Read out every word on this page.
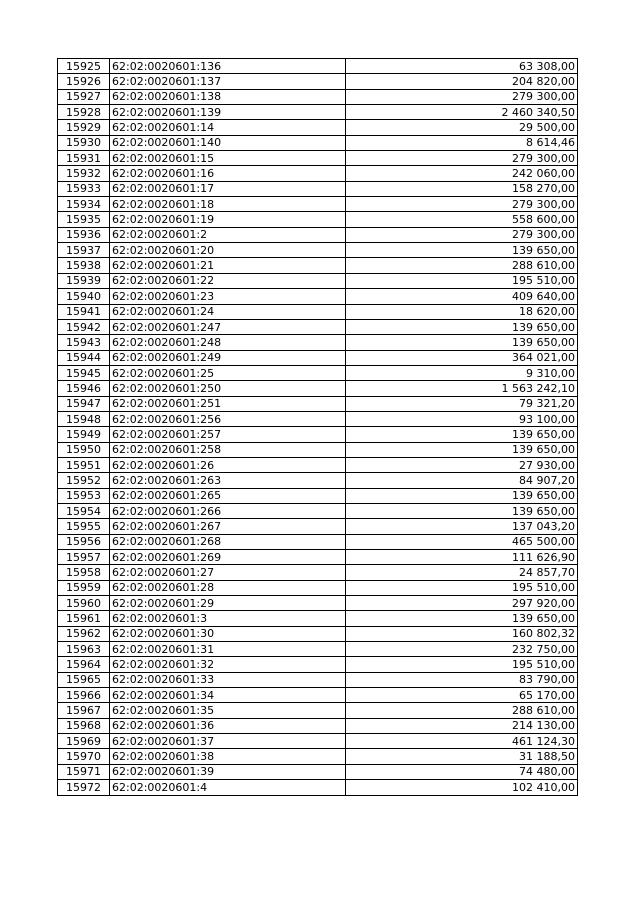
15925	62:02:0020601:136	63 308,00
15926	62:02:0020601:137	204 820,00
15927	62:02:0020601:138	279 300,00
15928	62:02:0020601:139	2 460 340,50
15929	62:02:0020601:14	29 500,00
15930	62:02:0020601:140	8 614,46
15931	62:02:0020601:15	279 300,00
15932	62:02:0020601:16	242 060,00
15933	62:02:0020601:17	158 270,00
15934	62:02:0020601:18	279 300,00
15935	62:02:0020601:19	558 600,00
15936	62:02:0020601:2	279 300,00
15937	62:02:0020601:20	139 650,00
15938	62:02:0020601:21	288 610,00
15939	62:02:0020601:22	195 510,00
15940	62:02:0020601:23	409 640,00
15941	62:02:0020601:24	18 620,00
15942	62:02:0020601:247	139 650,00
15943	62:02:0020601:248	139 650,00
15944	62:02:0020601:249	364 021,00
15945	62:02:0020601:25	9 310,00
15946	62:02:0020601:250	1 563 242,10
15947	62:02:0020601:251	79 321,20
15948	62:02:0020601:256	93 100,00
15949	62:02:0020601:257	139 650,00
15950	62:02:0020601:258	139 650,00
15951	62:02:0020601:26	27 930,00
15952	62:02:0020601:263	84 907,20
15953	62:02:0020601:265	139 650,00
15954	62:02:0020601:266	139 650,00
15955	62:02:0020601:267	137 043,20
15956	62:02:0020601:268	465 500,00
15957	62:02:0020601:269	111 626,90
15958	62:02:0020601:27	24 857,70
15959	62:02:0020601:28	195 510,00
15960	62:02:0020601:29	297 920,00
15961	62:02:0020601:3	139 650,00
15962	62:02:0020601:30	160 802,32
15963	62:02:0020601:31	232 750,00
15964	62:02:0020601:32	195 510,00
15965	62:02:0020601:33	83 790,00
15966	62:02:0020601:34	65 170,00
15967	62:02:0020601:35	288 610,00
15968	62:02:0020601:36	214 130,00
15969	62:02:0020601:37	461 124,30
15970	62:02:0020601:38	31 188,50
15971	62:02:0020601:39	74 480,00
15972	62:02:0020601:4	102 410,00
